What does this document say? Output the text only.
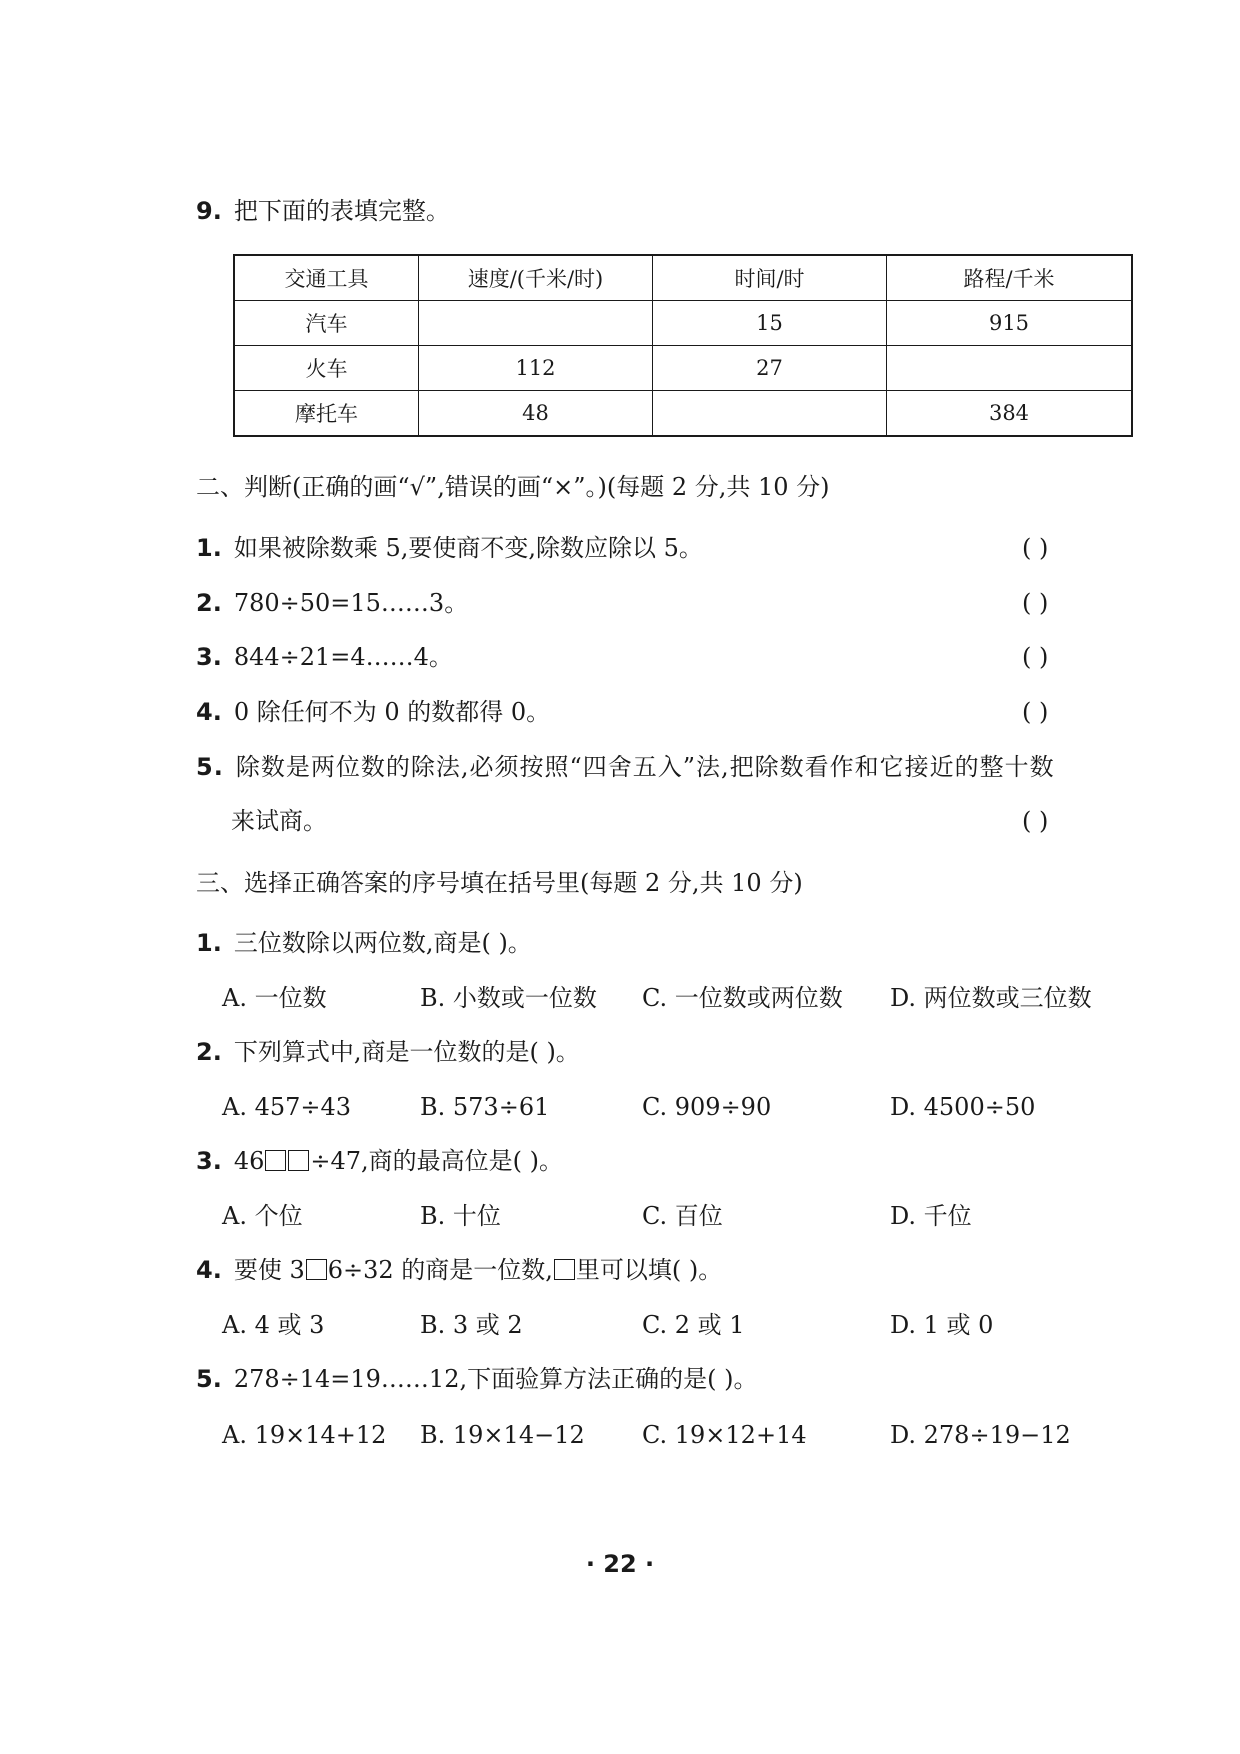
9. 把下面的表填完整。
交通工具	速度/(千米/时)	时间/时	路程/千米
汽车		15	915
火车	112	27	
摩托车	48		384
二、判断(正确的画“√”,错误的画“×”。)(每题 2 分,共 10 分)
1. 如果被除数乘 5,要使商不变,除数应除以 5。	( )
2. 780÷50=15……3。	( )
3. 844÷21=4……4。	( )
4. 0 除任何不为 0 的数都得 0。	( )
5. 除数是两位数的除法,必须按照“四舍五入”法,把除数看作和它接近的整十数
来试商。	( )
三、选择正确答案的序号填在括号里(每题 2 分,共 10 分)
1. 三位数除以两位数,商是( )。
A. 一位数	B. 小数或一位数 C. 一位数或两位数 D. 两位数或三位数
2. 下列算式中,商是一位数的是( )。
A. 457÷43	B. 573÷61	C. 909÷90	D. 4500÷50
3. 46 ÷47,商的最高位是( )。
A. 个位	B. 十位	C. 百位	D. 千位
4. 要使 3 6÷32 的商是一位数, 里可以填( )。
A. 4 或 3	B. 3 或 2	C. 2 或 1	D. 1 或 0
5. 278÷14=19……12,下面验算方法正确的是( )。
A. 19×14+12 B. 19×14−12 C. 19×12+14	D. 278÷19−12
· 22 ·
